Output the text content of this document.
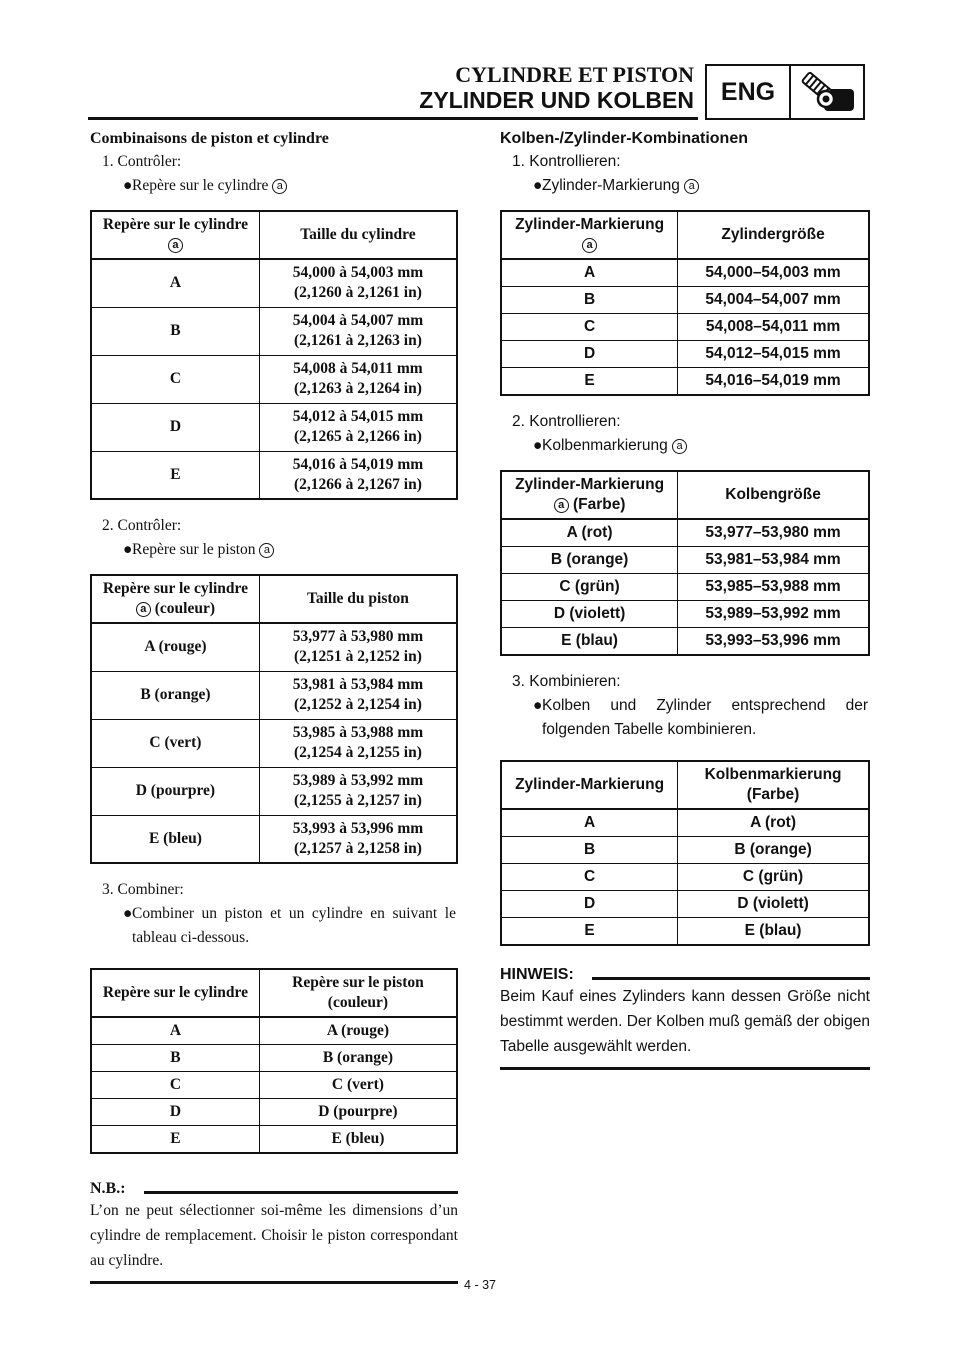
CYLINDRE ET PISTON
ZYLINDER UND KOLBEN	ENG
Combinaisons de piston et cylindre
1. Contrôler:
● Repère sur le cylindre a
Repère sur le cylindre
a	Taille du cylindre
A	54,000 à 54,003 mm
(2,1260 à 2,1261 in)

B	54,004 à 54,007 mm
(2,1261 à 2,1263 in)

C	54,008 à 54,011 mm
(2,1263 à 2,1264 in)

D	54,012 à 54,015 mm
(2,1265 à 2,1266 in)

E	54,016 à 54,019 mm
(2,1266 à 2,1267 in)
2. Contrôler:
● Repère sur le piston a
Repère sur le cylindre
a (couleur)	Taille du piston
A (rouge)	53,977 à 53,980 mm
(2,1251 à 2,1252 in)

B (orange)	53,981 à 53,984 mm
(2,1252 à 2,1254 in)

C (vert)	53,985 à 53,988 mm
(2,1254 à 2,1255 in)

D (pourpre)	53,989 à 53,992 mm
(2,1255 à 2,1257 in)

E (bleu)	53,993 à 53,996 mm
(2,1257 à 2,1258 in)
3. Combiner:
● Combiner un piston et un cylindre en suivant le tableau ci-dessous.
Repère sur le cylindre	Repère sur le piston (couleur)
A	A (rouge)
B	B (orange)
C	C (vert)
D	D (pourpre)
E	E (bleu)
N.B.:
L’on ne peut sélectionner soi-même les dimensions d’un cylindre de remplacement. Choisir le piston correspondant au cylindre.
Kolben-/Zylinder-Kombinationen
1. Kontrollieren:
● Zylinder-Markierung a
Zylinder-Markierung
a	Zylindergröße
A	54,000–54,003 mm
B	54,004–54,007 mm
C	54,008–54,011 mm
D	54,012–54,015 mm
E	54,016–54,019 mm
2. Kontrollieren:
● Kolbenmarkierung a
Zylinder-Markierung
a (Farbe)	Kolbengröße
A (rot)	53,977–53,980 mm
B (orange)	53,981–53,984 mm
C (grün)	53,985–53,988 mm
D (violett)	53,989–53,992 mm
E (blau)	53,993–53,996 mm
3. Kombinieren:
● Kolben und Zylinder entsprechend der folgenden Tabelle kombinieren.
Zylinder-Markierung	Kolbenmarkierung (Farbe)
A	A (rot)
B	B (orange)
C	C (grün)
D	D (violett)
E	E (blau)
HINWEIS:
Beim Kauf eines Zylinders kann dessen Größe nicht bestimmt werden. Der Kolben muß gemäß der obigen Tabelle ausgewählt werden.
4 - 37
